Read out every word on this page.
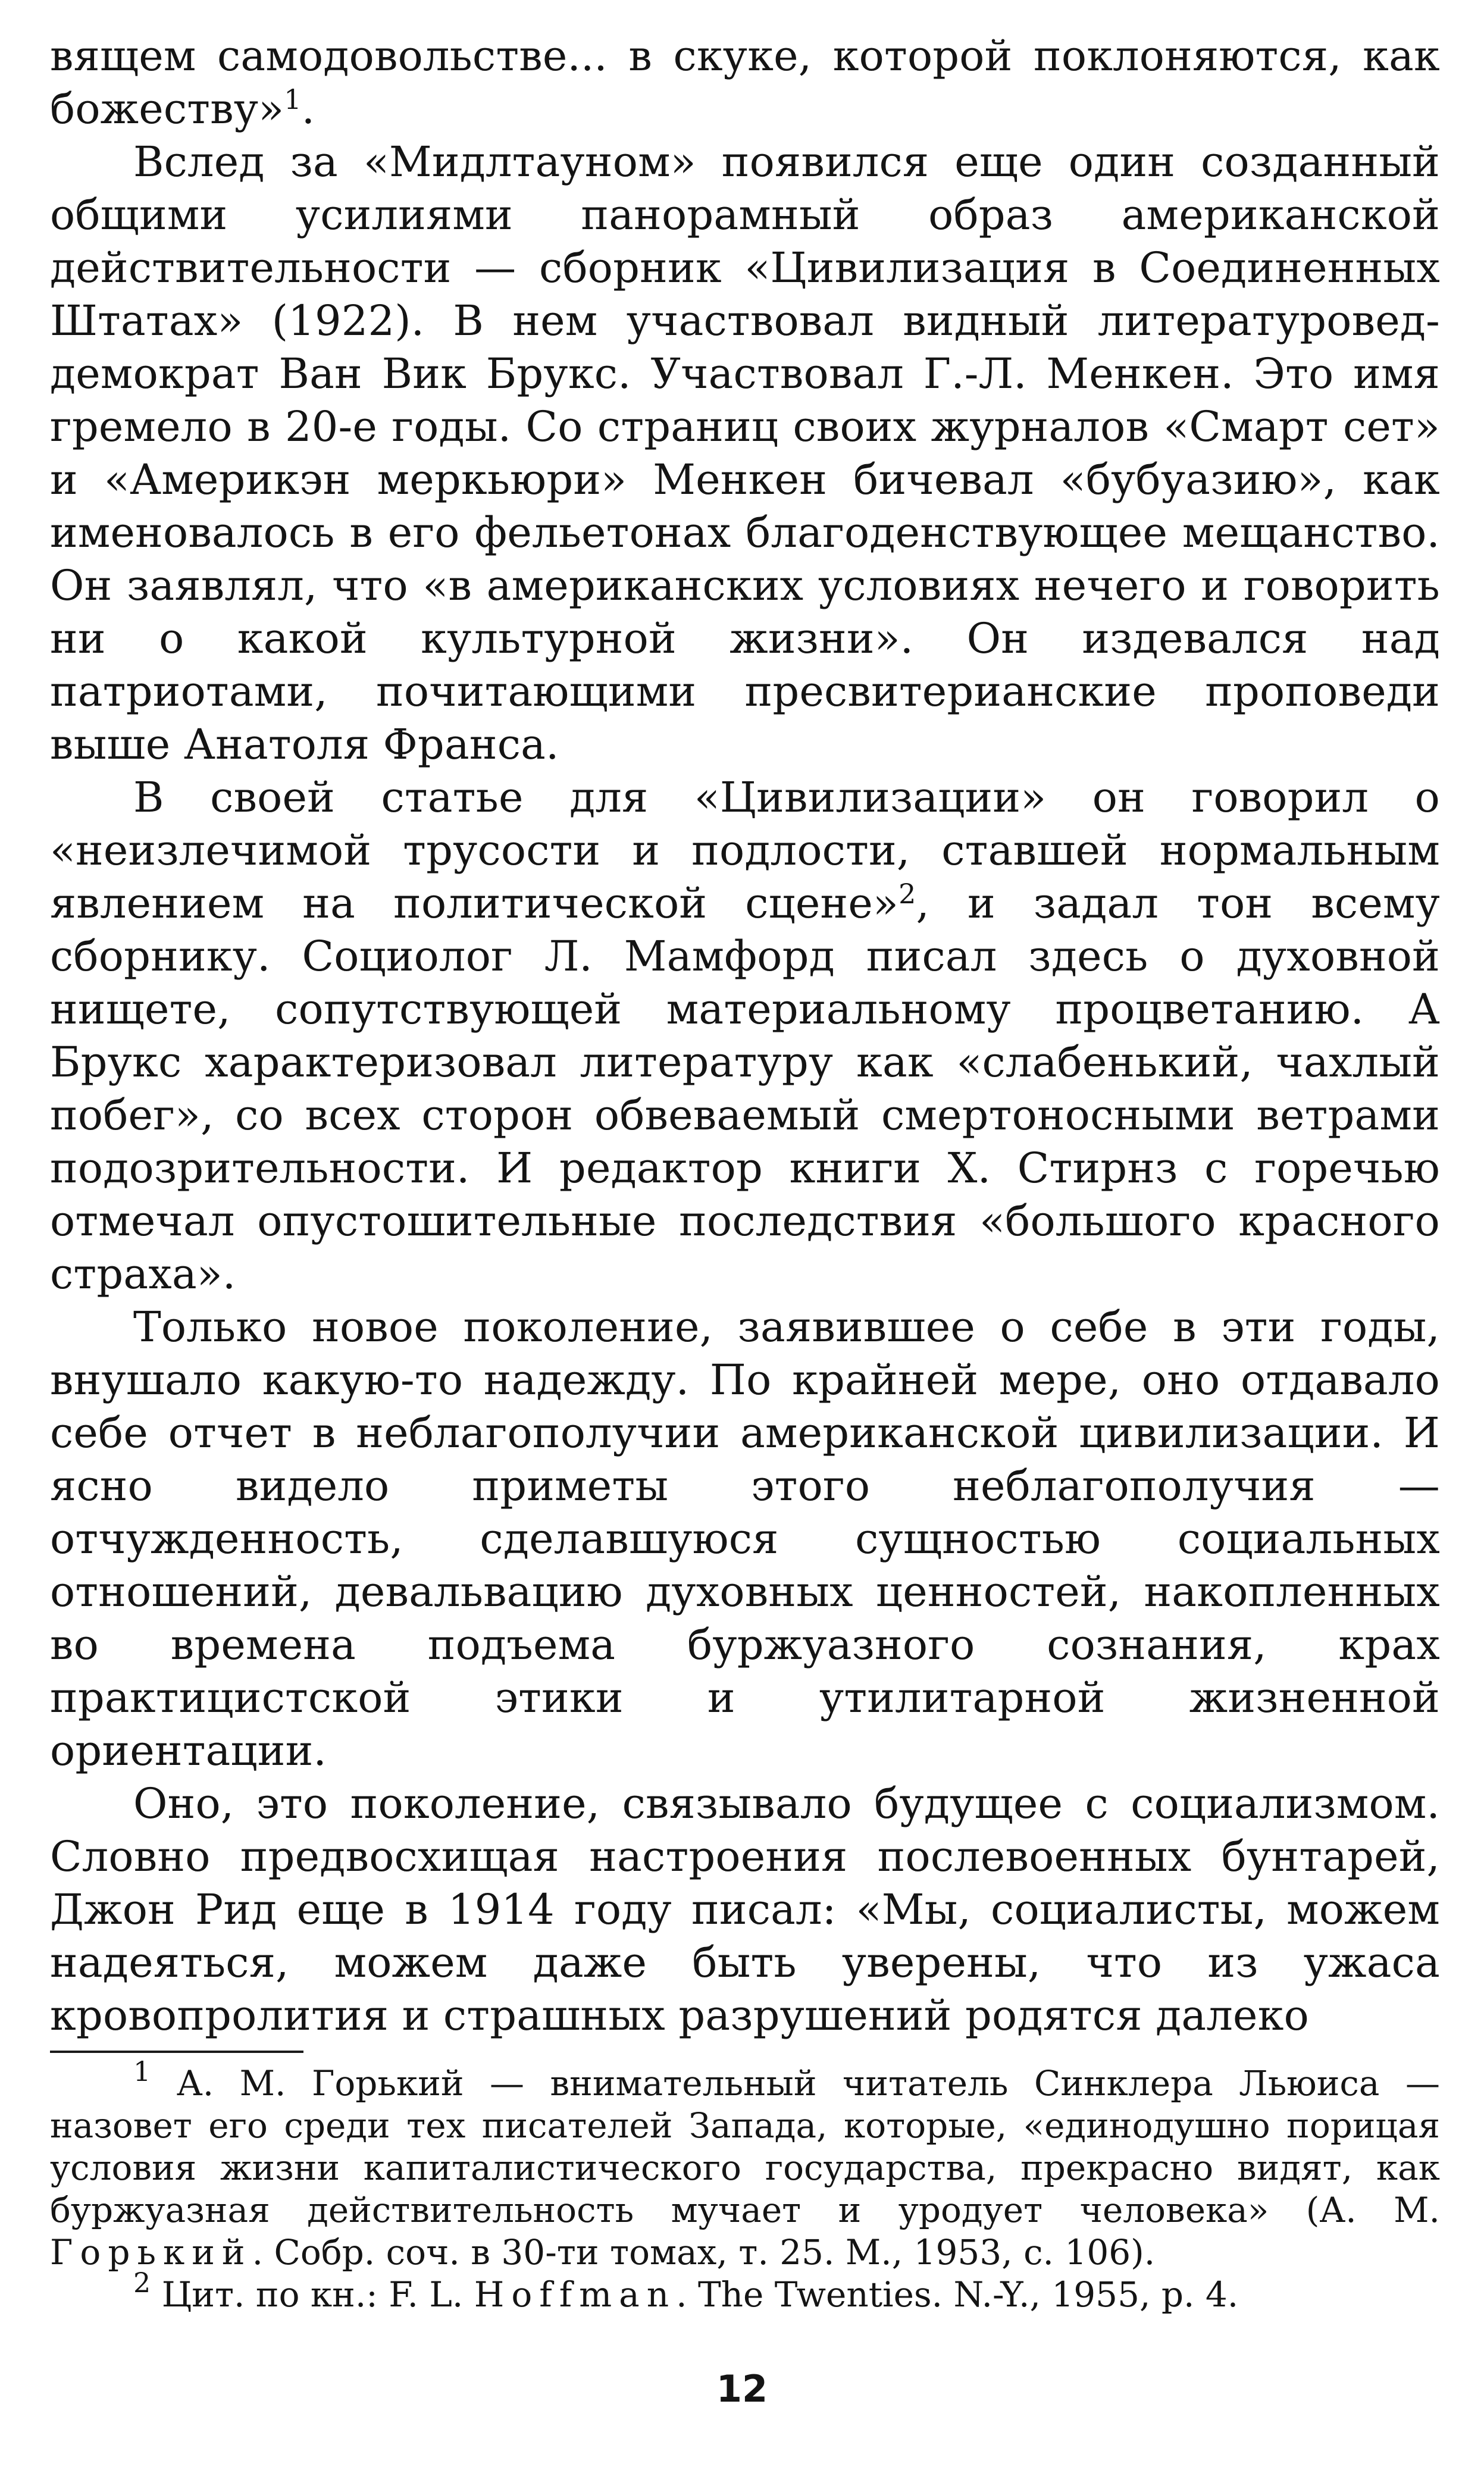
вящем самодовольстве... в скуке, которой поклоняются, как божеству»$^1$.

Вслед за «Мидлтауном» появился еще один созданный общими усилиями панорамный образ американской действительности — сборник «Цивилизация в Соединенных Штатах» (1922). В нем участвовал видный литературовед-демократ Ван Вик Брукс. Участвовал Г.-Л. Менкен. Это имя гремело в 20-е годы. Со страниц своих журналов «Смарт сет» и «Америкэн меркьюри» Менкен бичевал «бубуазию», как именовалось в его фельетонах благоденствующее мещанство. Он заявлял, что «в американских условиях нечего и говорить ни о какой культурной жизни». Он издевался над патриотами, почитающими пресвитерианские проповеди выше Анатоля Франса.

В своей статье для «Цивилизации» он говорил о «неизлечимой трусости и подлости, ставшей нормальным явлением на политической сцене»$^2$, и задал тон всему сборнику. Социолог Л. Мамфорд писал здесь о духовной нищете, сопутствующей материальному процветанию. А Брукс характеризовал литературу как «слабенький, чахлый побег», со всех сторон обвеваемый смертоносными ветрами подозрительности. И редактор книги Х. Стирнз с горечью отмечал опустошительные последствия «большого красного страха».

Только новое поколение, заявившее о себе в эти годы, внушало какую-то надежду. По крайней мере, оно отдавало себе отчет в неблагополучии американской цивилизации. И ясно видело приметы этого неблагополучия — отчужденность, сделавшуюся сущностью социальных отношений, девальвацию духовных ценностей, накопленных во времена подъема буржуазного сознания, крах практицистской этики и утилитарной жизненной ориентации.

Оно, это поколение, связывало будущее с социализмом. Словно предвосхищая настроения послевоенных бунтарей, Джон Рид еще в 1914 году писал: «Мы, социалисты, можем надеяться, можем даже быть уверены, что из ужаса кровопролития и страшных разрушений родятся далеко

$^1$ А. М. Горький — внимательный читатель Синклера Льюиса — назовет его среди тех писателей Запада, которые, «единодушно порицая условия жизни капиталистического государства, прекрасно видят, как буржуазная действительность мучает и уродует человека» (А. М. Горький. Собр. соч. в 30-ти томах, т. 25. М., 1953, с. 106).

$^2$ Цит. по кн.: F. L. Hoffman. The Twenties. N.-Y., 1955, p. 4.

12
